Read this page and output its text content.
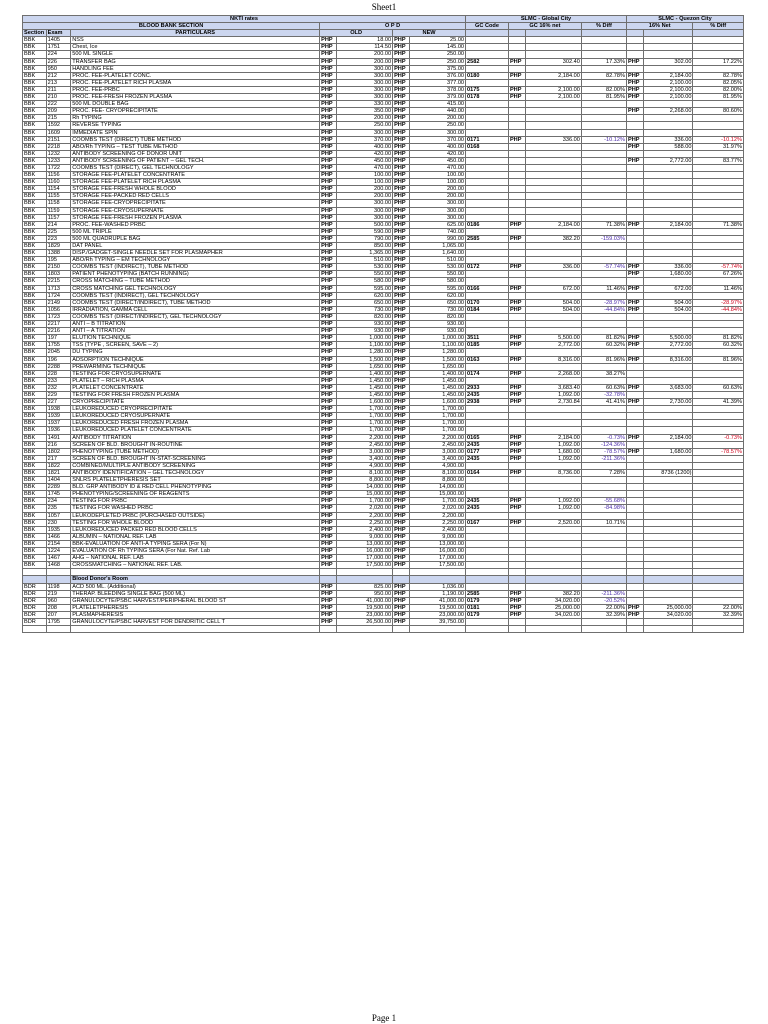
Sheet1
NKTI rates							SLMC - Global City				SLMC - Quezon City		
BLOOD BANK SECTION			O P D				GC Code	GC 16% net		% Diff	16% Net		% Diff
Section	Exam	PARTICULARS	OLD		NEW								
BBK	1405	NSS	PHP	18.00	PHP	25.00							
BBK	1751	Chest, Ice	PHP	114.50	PHP	145.00							
BBK	224	500 ML SINGLE	PHP	200.00	PHP	250.00							
BBK	226	TRANSFER BAG	PHP	200.00	PHP	250.00	2582	PHP	302.40	17.33%	PHP	302.00	17.22%
BBK	950	HANDLING FEE	PHP	300.00	PHP	375.00							
BBK	212	PROC. FEE-PLATELET CONC.	PHP	300.00	PHP	376.00	0180	PHP	2,184.00	82.78%	PHP	2,184.00	82.78%
BBK	213	PROC. FEE-PLATELET RICH PLASMA	PHP	300.00	PHP	377.00					PHP	2,100.00	82.05%
BBK	211	PROC. FEE-PRBC	PHP	300.00	PHP	378.00	0175	PHP	2,100.00	82.00%	PHP	2,100.00	82.00%
BBK	210	PROC. FEE-FRESH FROZEN PLASMA	PHP	300.00	PHP	379.00	0178	PHP	2,100.00	81.95%	PHP	2,100.00	81.95%
BBK	222	500 ML DOUBLE BAG	PHP	330.00	PHP	415.00							
BBK	209	PROC. FEE- CRYOPRECIPITATE	PHP	350.00	PHP	440.00					PHP	2,268.00	80.60%
BBK	215	Rh TYPING	PHP	200.00	PHP	200.00							
BBK	1592	REVERSE TYPING	PHP	250.00	PHP	250.00							
BBK	1609	IMMEDIATE SPIN	PHP	300.00	PHP	300.00							
BBK	2151	COOMBS TEST (DIRECT) TUBE METHOD	PHP	370.00	PHP	370.00	0171	PHP	336.00	-10.12%	PHP	336.00	-10.12%
BBK	2218	ABO/Rh TYPING – TEST TUBE METHOD	PHP	400.00	PHP	400.00	0168				PHP	588.00	31.97%
BBK	1232	ANTIBODY SCREENING OF DONOR UNIT	PHP	420.00	PHP	420.00							
BBK	1233	ANTIBODY SCREENING OF PATIENT – GEL TECH.	PHP	450.00	PHP	450.00					PHP	2,772.00	83.77%
BBK	1722	COOMBS TEST (DIRECT), GEL TECHNOLOGY	PHP	470.00	PHP	470.00							
BBK	1156	STORAGE FEE-PLATELET CONCENTRATE	PHP	100.00	PHP	100.00							
BBK	1160	STORAGE FEE-PLATELET RICH PLASMA	PHP	100.00	PHP	100.00							
BBK	1154	STORAGE FEE-FRESH WHOLE BLOOD	PHP	200.00	PHP	200.00							
BBK	1155	STORAGE FEE-PACKED RED CELLS	PHP	200.00	PHP	200.00							
BBK	1158	STORAGE FEE-CRYOPRECIPITATE	PHP	300.00	PHP	300.00							
BBK	1159	STORAGE FEE-CRYOSUPERNATE	PHP	300.00	PHP	300.00							
BBK	1157	STORAGE FEE-FRESH FROZEN PLASMA	PHP	300.00	PHP	300.00							
BBK	214	PROC. FEE-WASHED PRBC	PHP	500.00	PHP	625.00	0186	PHP	2,184.00	71.38%	PHP	2,184.00	71.38%
BBK	225	500 ML TRIPLE	PHP	590.00	PHP	740.00							
BBK	223	500 ML QUADRUPLE BAG	PHP	790.00	PHP	990.00	2585	PHP	382.20	-159.03%			
BBK	1829	DAT PANEL	PHP	850.00	PHP	1,065.00							
BBK	1388	DISP./GADGET-SINGLE NEEDLE SET FOR PLASMAPHER	PHP	1,365.00	PHP	1,640.00							
BBK	195	ABO/Rh TYPING – EM TECHNOLOGY	PHP	510.00	PHP	510.00							
BBK	2150	COOMBS TEST (INDIRECT), TUBE METHOD	PHP	530.00	PHP	530.00	0172	PHP	336.00	-57.74%	PHP	336.00	-57.74%
BBK	1803	PATIENT PHENOTYPING (BATCH RUNNING)	PHP	550.00	PHP	550.00					PHP	1,680.00	67.26%
BBK	2215	CROSS MATCHING – TUBE METHOD	PHP	580.00	PHP	580.00							
BBK	1713	CROSS MATCHING GEL TECHNOLOGY	PHP	595.00	PHP	595.00	0166	PHP	672.00	11.46%	PHP	672.00	11.46%
BBK	1724	COOMBS TEST (INDIRECT), GEL TECHNOLOGY	PHP	620.00	PHP	620.00							
BBK	2149	COOMBS TEST (DIRECT/INDIRECT), TUBE METHOD	PHP	650.00	PHP	650.00	0170	PHP	504.00	-28.97%	PHP	504.00	-28.97%
BBK	1056	IRRADIATION, GAMMA CELL	PHP	730.00	PHP	730.00	0184	PHP	504.00	-44.84%	PHP	504.00	-44.84%
BBK	1723	COOMBS TEST (DIRECT/INDIRECT), GEL TECHNOLOGY	PHP	820.00	PHP	820.00							
BBK	2217	ANTI – B TITRATION	PHP	930.00	PHP	930.00							
BBK	2216	ANTI – A TITRATION	PHP	930.00	PHP	930.00							
BBK	197	ELUTION TECHNIQUE	PHP	1,000.00	PHP	1,000.00	3511	PHP	5,500.00	81.82%	PHP	5,500.00	81.82%
BBK	1755	TSS (TYPE , SCREEN, SAVE – 2)	PHP	1,100.00	PHP	1,100.00	0185	PHP	2,772.00	60.32%	PHP	2,772.00	60.32%
BBK	2045	DU TYPING	PHP	1,280.00	PHP	1,280.00							
BBK	196	ADSORPTION TECHNIQUE	PHP	1,500.00	PHP	1,500.00	0163	PHP	8,316.00	81.96%	PHP	8,316.00	81.96%
BBK	2288	PREWARMING TECHNIQUE	PHP	1,650.00	PHP	1,650.00							
BBK	228	TESTING FOR CRYOSUPERNATE	PHP	1,400.00	PHP	1,400.00	0174	PHP	2,268.00	38.27%			
BBK	233	PLATELET – RICH PLASMA	PHP	1,450.00	PHP	1,450.00							
BBK	232	PLATELET CONCENTRATE	PHP	1,450.00	PHP	1,450.00	2933	PHP	3,683.40	60.63%	PHP	3,683.00	60.63%
BBK	229	TESTING FOR FRESH FROZEN PLASMA	PHP	1,450.00	PHP	1,450.00	2435	PHP	1,092.00	-32.78%			
BBK	227	CRYOPRECIPITATE	PHP	1,600.00	PHP	1,600.00	2938	PHP	2,730.84	41.41%	PHP	2,730.00	41.39%
BBK	1938	LEUKOREDUCED CRYOPRECIPITATE	PHP	1,700.00	PHP	1,700.00							
BBK	1939	LEUKOREDUCED CRYOSUPERNATE	PHP	1,700.00	PHP	1,700.00							
BBK	1937	LEUKOREDUCED FRESH FROZEN PLASMA	PHP	1,700.00	PHP	1,700.00							
BBK	1936	LEUKOREDUCED PLATELET CONCENTRATE	PHP	1,700.00	PHP	1,700.00							
BBK	1491	ANTIBODY TITRATION	PHP	2,200.00	PHP	2,200.00	0165	PHP	2,184.00	-0.73%	PHP	2,184.00	-0.73%
BBK	216	SCREEN OF BLD. BROUGHT IN-ROUTINE	PHP	2,450.00	PHP	2,450.00	2435	PHP	1,092.00	-124.36%			
BBK	1802	PHENOTYPING (TUBE METHOD)	PHP	3,000.00	PHP	3,000.00	0177	PHP	1,680.00	-78.57%	PHP	1,680.00	-78.57%
BBK	217	SCREEN OF BLD. BROUGHT IN-STAT-SCREENING	PHP	3,400.00	PHP	3,400.00	2435	PHP	1,092.00	-211.36%			
BBK	1822	COMBINED/MULTIPLE ANTIBODY SCREENING	PHP	4,900.00	PHP	4,900.00							
BBK	1821	ANTIBODY IDENTIFICATION – GEL TECHNOLOGY	PHP	8,100.00	PHP	8,100.00	0164	PHP	8,736.00	7.28%		8736 (1200)	
BBK	1404	SNLRS PLATELETPHERESIS SET	PHP	8,800.00	PHP	8,800.00							
BBK	2289	BLD. GRP ANTIBODY ID & RED CELL PHENOTYPING	PHP	14,000.00	PHP	14,000.00							
BBK	1745	PHENOTYPING/SCREENING OF REAGENTS	PHP	15,000.00	PHP	15,000.00							
BBK	234	TESTING FOR PRBC	PHP	1,700.00	PHP	1,700.00	2435	PHP	1,092.00	-55.68%			
BBK	235	TESTING FOR WASHED PRBC	PHP	2,020.00	PHP	2,020.00	2435	PHP	1,092.00	-84.98%			
BBK	1057	LEUKODEPLETED PRBC (PURCHASED OUTSIDE)	PHP	2,200.00	PHP	2,200.00							
BBK	230	TESTING FOR WHOLE BLOOD	PHP	2,250.00	PHP	2,250.00	0167	PHP	2,520.00	10.71%			
BBK	1935	LEUKOREDUCED PACKED RED BLOOD CELLS	PHP	2,400.00	PHP	2,400.00							
BBK	1466	ALBUMIN – NATIONAL REF. LAB	PHP	9,000.00	PHP	9,000.00							
BBK	2154	BBK-EVALUATION OF ANTI-A TYPING SERA (For N)	PHP	13,000.00	PHP	13,000.00							
BBK	1224	EVALUATION OF Rh TYPING SERA (For Nat. Ref. Lab	PHP	16,000.00	PHP	16,000.00							
BBK	1467	AHG – NATIONAL REF. LAB	PHP	17,000.00	PHP	17,000.00							
BBK	1468	CROSSMATCHING – NATIONAL REF. LAB.	PHP	17,500.00	PHP	17,500.00							

		Blood Donor's Room											
BDR	1198	ACD 500 ML. (Additional)	PHP	825.00	PHP	1,036.00							
BDR	219	THERAP. BLEEDING SINGLE BAG (500 ML)	PHP	950.00	PHP	1,190.00	2585	PHP	382.20	-211.36%			
BDR	960	GRANULOCYTE/PSBC HARVEST/PERIPHERAL BLOOD ST	PHP	41,000.00	PHP	41,000.00	0179	PHP	34,020.00	-20.52%			
BDR	208	PLATELETPHERESIS	PHP	19,500.00	PHP	19,500.00	0181	PHP	25,000.00	22.00%	PHP	25,000.00	22.00%
BDR	207	PLASMAPHERESIS	PHP	23,000.00	PHP	23,000.00	0179	PHP	34,020.00	32.39%	PHP	34,020.00	32.39%
BDR	1795	GRANULOCYTE/PSBC HARVEST FOR DENDRITIC CELL T	PHP	26,500.00	PHP	39,750.00							

Page 1
